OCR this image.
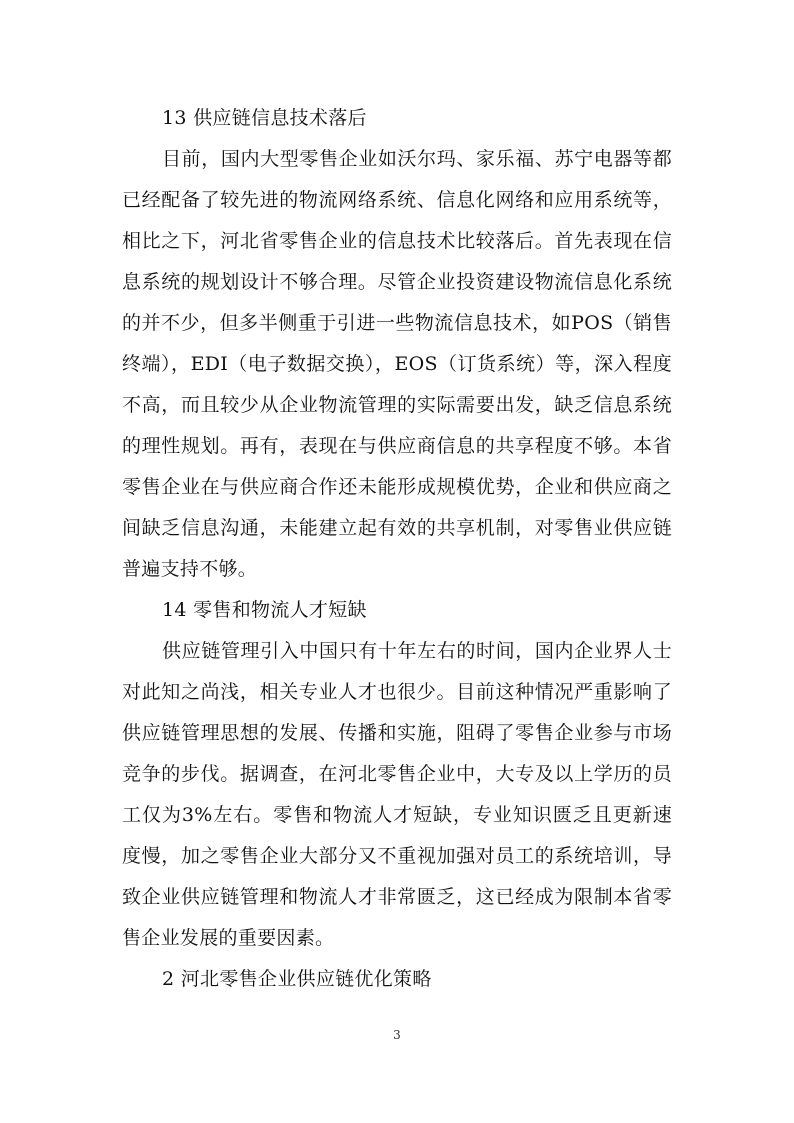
13 供应链信息技术落后

目前，国内大型零售企业如沃尔玛、家乐福、苏宁电器等都已经配备了较先进的物流网络系统、信息化网络和应用系统等，相比之下，河北省零售企业的信息技术比较落后。首先表现在信息系统的规划设计不够合理。尽管企业投资建设物流信息化系统的并不少，但多半侧重于引进一些物流信息技术，如POS（销售终端），EDI（电子数据交换），EOS（订货系统）等，深入程度不高，而且较少从企业物流管理的实际需要出发，缺乏信息系统的理性规划。再有，表现在与供应商信息的共享程度不够。本省零售企业在与供应商合作还未能形成规模优势，企业和供应商之间缺乏信息沟通，未能建立起有效的共享机制，对零售业供应链普遍支持不够。

14 零售和物流人才短缺

供应链管理引入中国只有十年左右的时间，国内企业界人士对此知之尚浅，相关专业人才也很少。目前这种情况严重影响了供应链管理思想的发展、传播和实施，阻碍了零售企业参与市场竞争的步伐。据调查，在河北零售企业中，大专及以上学历的员工仅为3%左右。零售和物流人才短缺，专业知识匮乏且更新速度慢，加之零售企业大部分又不重视加强对员工的系统培训，导致企业供应链管理和物流人才非常匮乏，这已经成为限制本省零售企业发展的重要因素。

2 河北零售企业供应链优化策略

3
